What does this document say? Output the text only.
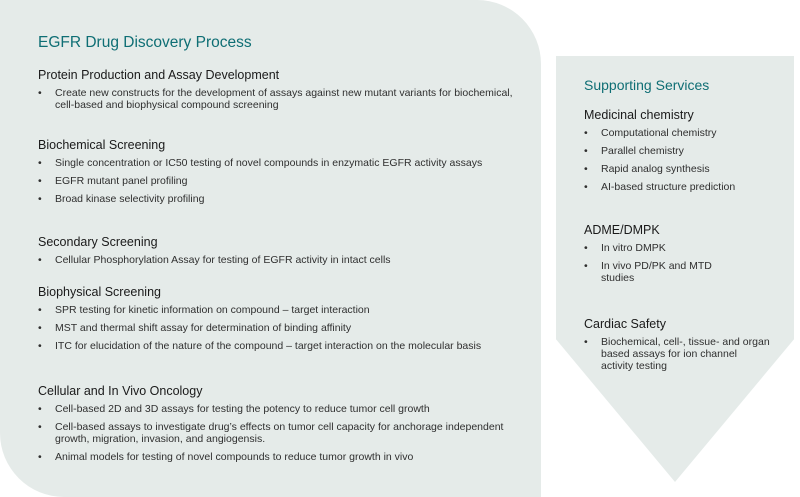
EGFR Drug Discovery Process
Protein Production and Assay Development
• Create new constructs for the development of assays against new mutant variants for biochemical, cell-based and biophysical compound screening
Biochemical Screening
• Single concentration or IC50 testing of novel compounds in enzymatic EGFR activity assays
• EGFR mutant panel profiling
• Broad kinase selectivity profiling
Secondary Screening
• Cellular Phosphorylation Assay for testing of EGFR activity in intact cells
Biophysical Screening
• SPR testing for kinetic information on compound – target interaction
• MST and thermal shift assay for determination of binding affinity
• ITC for elucidation of the nature of the compound – target interaction on the molecular basis
Cellular and In Vivo Oncology
• Cell-based 2D and 3D assays for testing the potency to reduce tumor cell growth
• Cell-based assays to investigate drug’s effects on tumor cell capacity for anchorage independent growth, migration, invasion, and angiogensis.
• Animal models for testing of novel compounds to reduce tumor growth in vivo
Supporting Services
Medicinal chemistry
• Computational chemistry
• Parallel chemistry
• Rapid analog synthesis
• AI-based structure prediction
ADME/DMPK
• In vitro DMPK
• In vivo PD/PK and MTD studies
Cardiac Safety
• Biochemical, cell-, tissue- and organ based assays for ion channel activity testing
